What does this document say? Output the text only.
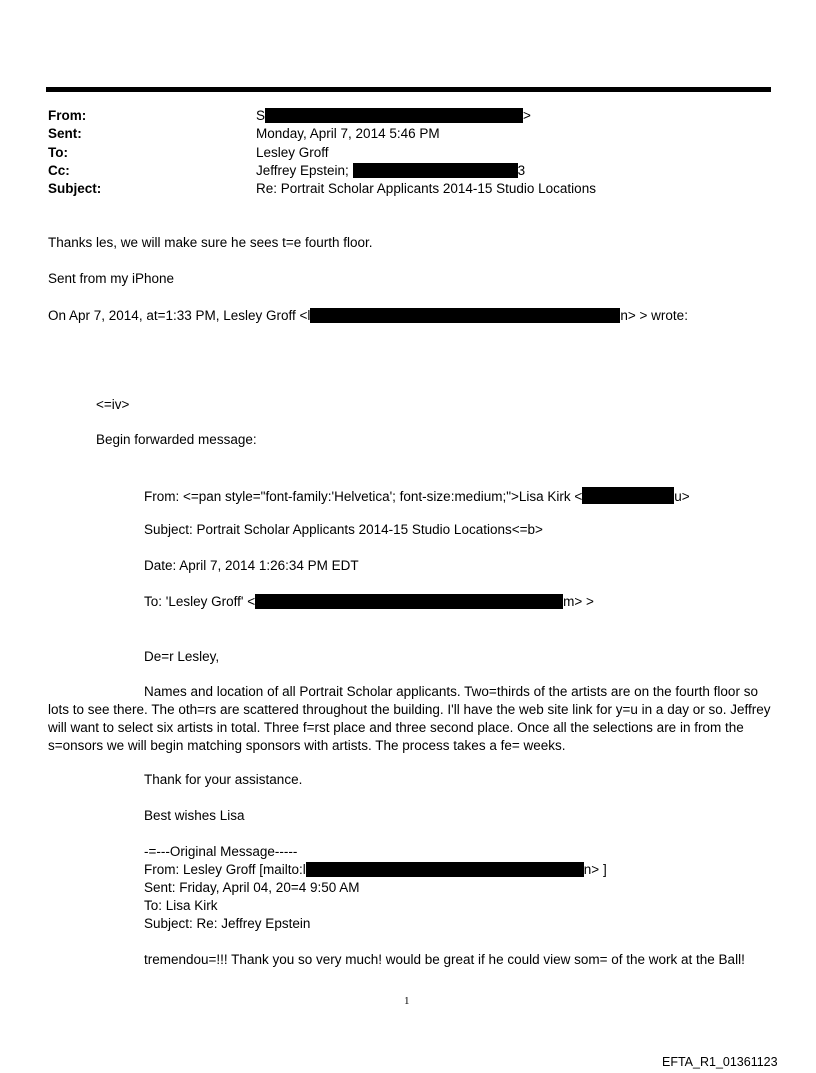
From:	S	>
Sent:	Monday, April 7, 2014 5:46 PM
To:	Lesley Groff
Cc:	Jeffrey Epstein;	3
Subject:	Re: Portrait Scholar Applicants 2014-15 Studio Locations
Thanks les, we will make sure he sees t=e fourth floor.
Sent from my iPhone
On Apr 7, 2014, at=1:33 PM, Lesley Groff <l	n> > wrote:
<=iv>
Begin forwarded message:
From: <=pan style="font-family:'Helvetica'; font-size:medium;">Lisa Kirk <	u>
Subject: Portrait Scholar Applicants 2014-15 Studio Locations<=b>
Date: April 7, 2014 1:26:34 PM EDT
To: 'Lesley Groff' <	m> >
De=r Lesley,
Names and location of all Portrait Scholar applicants. Two=thirds of the artists are on the fourth floor so lots to see there. The oth=rs are scattered throughout the building. I'll have the web site link for y=u in a day or so. Jeffrey will want to select six artists in total. Three f=rst place and three second place. Once all the selections are in from the s=onsors we will begin matching sponsors with artists. The process takes a fe= weeks.
Thank for your assistance.
Best wishes Lisa
-=---Original Message-----
From: Lesley Groff [mailto:l	n> ]
Sent: Friday, April 04, 20=4 9:50 AM
To: Lisa Kirk
Subject: Re: Jeffrey Epstein
tremendou=!!! Thank you so very much! would be great if he could view som= of the work at the Ball!
1
EFTA_R1_01361123
